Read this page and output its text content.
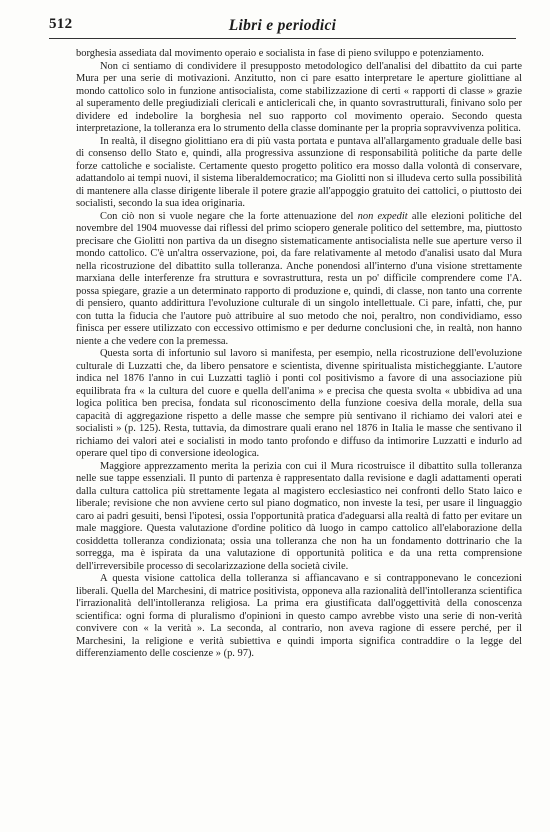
512	Libri e periodici

borghesia assediata dal movimento operaio e socialista in fase di pieno sviluppo e potenziamento.

Non ci sentiamo di condividere il presupposto metodologico dell'analisi del dibattito da cui parte Mura per una serie di motivazioni. Anzitutto, non ci pare esatto interpretare le aperture giolittiane al mondo cattolico solo in funzione antisocialista, come stabilizzazione di certi « rapporti di classe » grazie al superamento delle pregiudiziali clericali e anticlericali che, in quanto sovrastrutturali, finivano solo per dividere ed indebolire la borghesia nel suo rapporto col movimento operaio. Secondo questa interpretazione, la tolleranza era lo strumento della classe dominante per la propria sopravvivenza politica.

In realtà, il disegno giolittiano era di più vasta portata e puntava all'allargamento graduale delle basi di consenso dello Stato e, quindi, alla progressiva assunzione di responsabilità politiche da parte delle forze cattoliche e socialiste. Certamente questo progetto politico era mosso dalla volontà di conservare, adattandolo ai tempi nuovi, il sistema liberaldemocratico; ma Giolitti non si illudeva certo sulla possibilità di mantenere alla classe dirigente liberale il potere grazie all'appoggio gratuito dei cattolici, o piuttosto dei socialisti, secondo la sua idea originaria.

Con ciò non si vuole negare che la forte attenuazione del non expedit alle elezioni politiche del novembre del 1904 muovesse dai riflessi del primo sciopero generale politico del settembre, ma, piuttosto precisare che Giolitti non partiva da un disegno sistematicamente antisocialista nelle sue aperture verso il mondo cattolico. C'è un'altra osservazione, poi, da fare relativamente al metodo d'analisi usato dal Mura nella ricostruzione del dibattito sulla tolleranza. Anche ponendosi all'interno d'una visione strettamente marxiana delle interferenze fra struttura e sovrastruttura, resta un po' difficile comprendere come l'A. possa spiegare, grazie a un determinato rapporto di produzione e, quindi, di classe, non tanto una corrente di pensiero, quanto addirittura l'evoluzione culturale di un singolo intellettuale. Ci pare, infatti, che, pur con tutta la fiducia che l'autore può attribuire al suo metodo che noi, peraltro, non condividiamo, esso finisca per essere utilizzato con eccessivo ottimismo e per dedurne conclusioni che, in realtà, non hanno niente a che vedere con la premessa.

Questa sorta di infortunio sul lavoro si manifesta, per esempio, nella ricostruzione dell'evoluzione culturale di Luzzatti che, da libero pensatore e scientista, divenne spiritualista misticheggiante. L'autore indica nel 1876 l'anno in cui Luzzatti tagliò i ponti col positivismo a favore di una associazione più equilibrata fra « la cultura del cuore e quella dell'anima » e precisa che questa svolta « ubbidiva ad una logica politica ben precisa, fondata sul riconoscimento della funzione coesiva della morale, della sua capacità di aggregazione rispetto a delle masse che sempre più sentivano il richiamo dei valori atei e socialisti » (p. 125). Resta, tuttavia, da dimostrare quali erano nel 1876 in Italia le masse che sentivano il richiamo dei valori atei e socialisti in modo tanto profondo e diffuso da intimorire Luzzatti e indurlo ad operare quel tipo di conversione ideologica.

Maggiore apprezzamento merita la perizia con cui il Mura ricostruisce il dibattito sulla tolleranza nelle sue tappe essenziali. Il punto di partenza è rappresentato dalla revisione e dagli adattamenti operati dalla cultura cattolica più strettamente legata al magistero ecclesiastico nei confronti dello Stato laico e liberale; revisione che non avviene certo sul piano dogmatico, non investe la tesi, per usare il linguaggio caro ai padri gesuiti, bensì l'ipotesi, ossia l'opportunità pratica d'adeguarsi alla realtà di fatto per evitare un male maggiore. Questa valutazione d'ordine politico dà luogo in campo cattolico all'elaborazione della cosiddetta tolleranza condizionata; ossia una tolleranza che non ha un fondamento dottrinario che la sorregga, ma è ispirata da una valutazione di opportunità politica e da una retta comprensione dell'irreversibile processo di secolarizzazione della società civile.

A questa visione cattolica della tolleranza si affiancavano e si contrapponevano le concezioni liberali. Quella del Marchesini, di matrice positivista, opponeva alla razionalità dell'intolleranza scientifica l'irrazionalità dell'intolleranza religiosa. La prima era giustificata dall'oggettività della conoscenza scientifica: ogni forma di pluralismo d'opinioni in questo campo avrebbe visto una serie di non-verità convivere con « la verità ». La seconda, al contrario, non aveva ragione di essere perché, per il Marchesini, la religione e verità subiettiva e quindi importa significa contraddire o la legge del differenziamento delle coscienze » (p. 97).
